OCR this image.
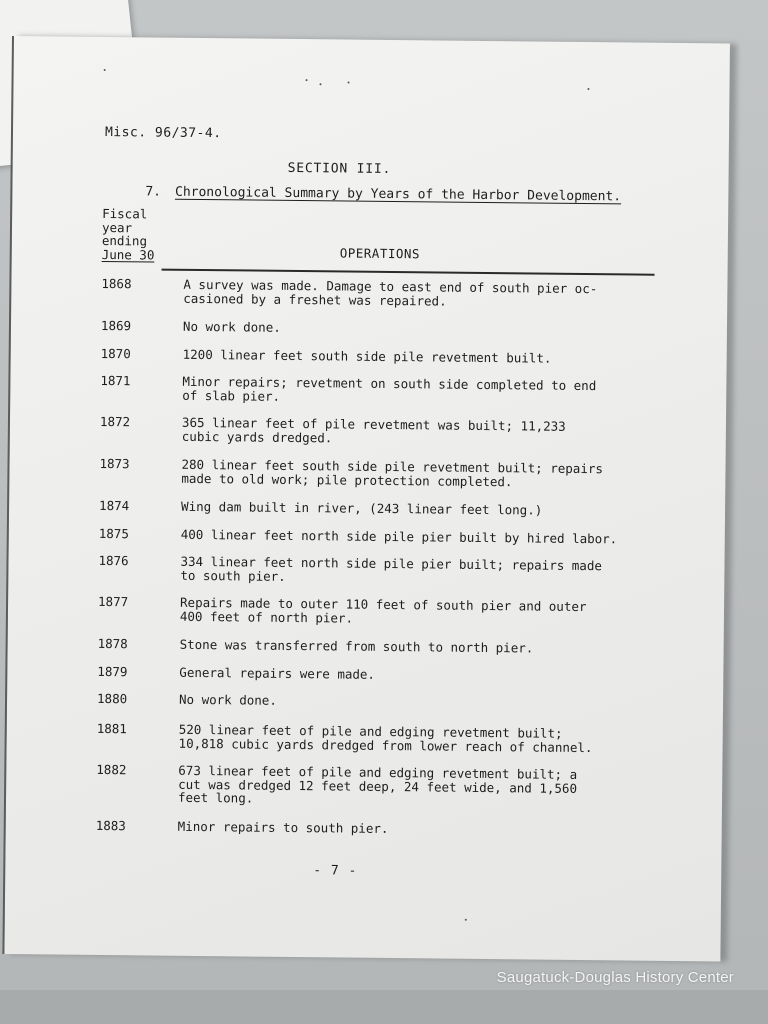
Misc. 96/37-4.
SECTION III.
7. Chronological Summary by Years of the Harbor Development.
Fiscal
year
ending
June 30	OPERATIONS
1868	A survey was made. Damage to east end of south pier oc-
casioned by a freshet was repaired.
1869	No work done.
1870	1200 linear feet south side pile revetment built.
1871	Minor repairs; revetment on south side completed to end
of slab pier.
1872	365 linear feet of pile revetment was built; 11,233
cubic yards dredged.
1873	280 linear feet south side pile revetment built; repairs
made to old work; pile protection completed.
1874	Wing dam built in river, (243 linear feet long.)
1875	400 linear feet north side pile pier built by hired labor.
1876	334 linear feet north side pile pier built; repairs made
to south pier.
1877	Repairs made to outer 110 feet of south pier and outer
400 feet of north pier.
1878	Stone was transferred from south to north pier.
1879	General repairs were made.
1880	No work done.
1881	520 linear feet of pile and edging revetment built;
10,818 cubic yards dredged from lower reach of channel.
1882	673 linear feet of pile and edging revetment built; a
cut was dredged 12 feet deep, 24 feet wide, and 1,560
feet long.
1883	Minor repairs to south pier.
- 7 -
Saugatuck-Douglas History Center
